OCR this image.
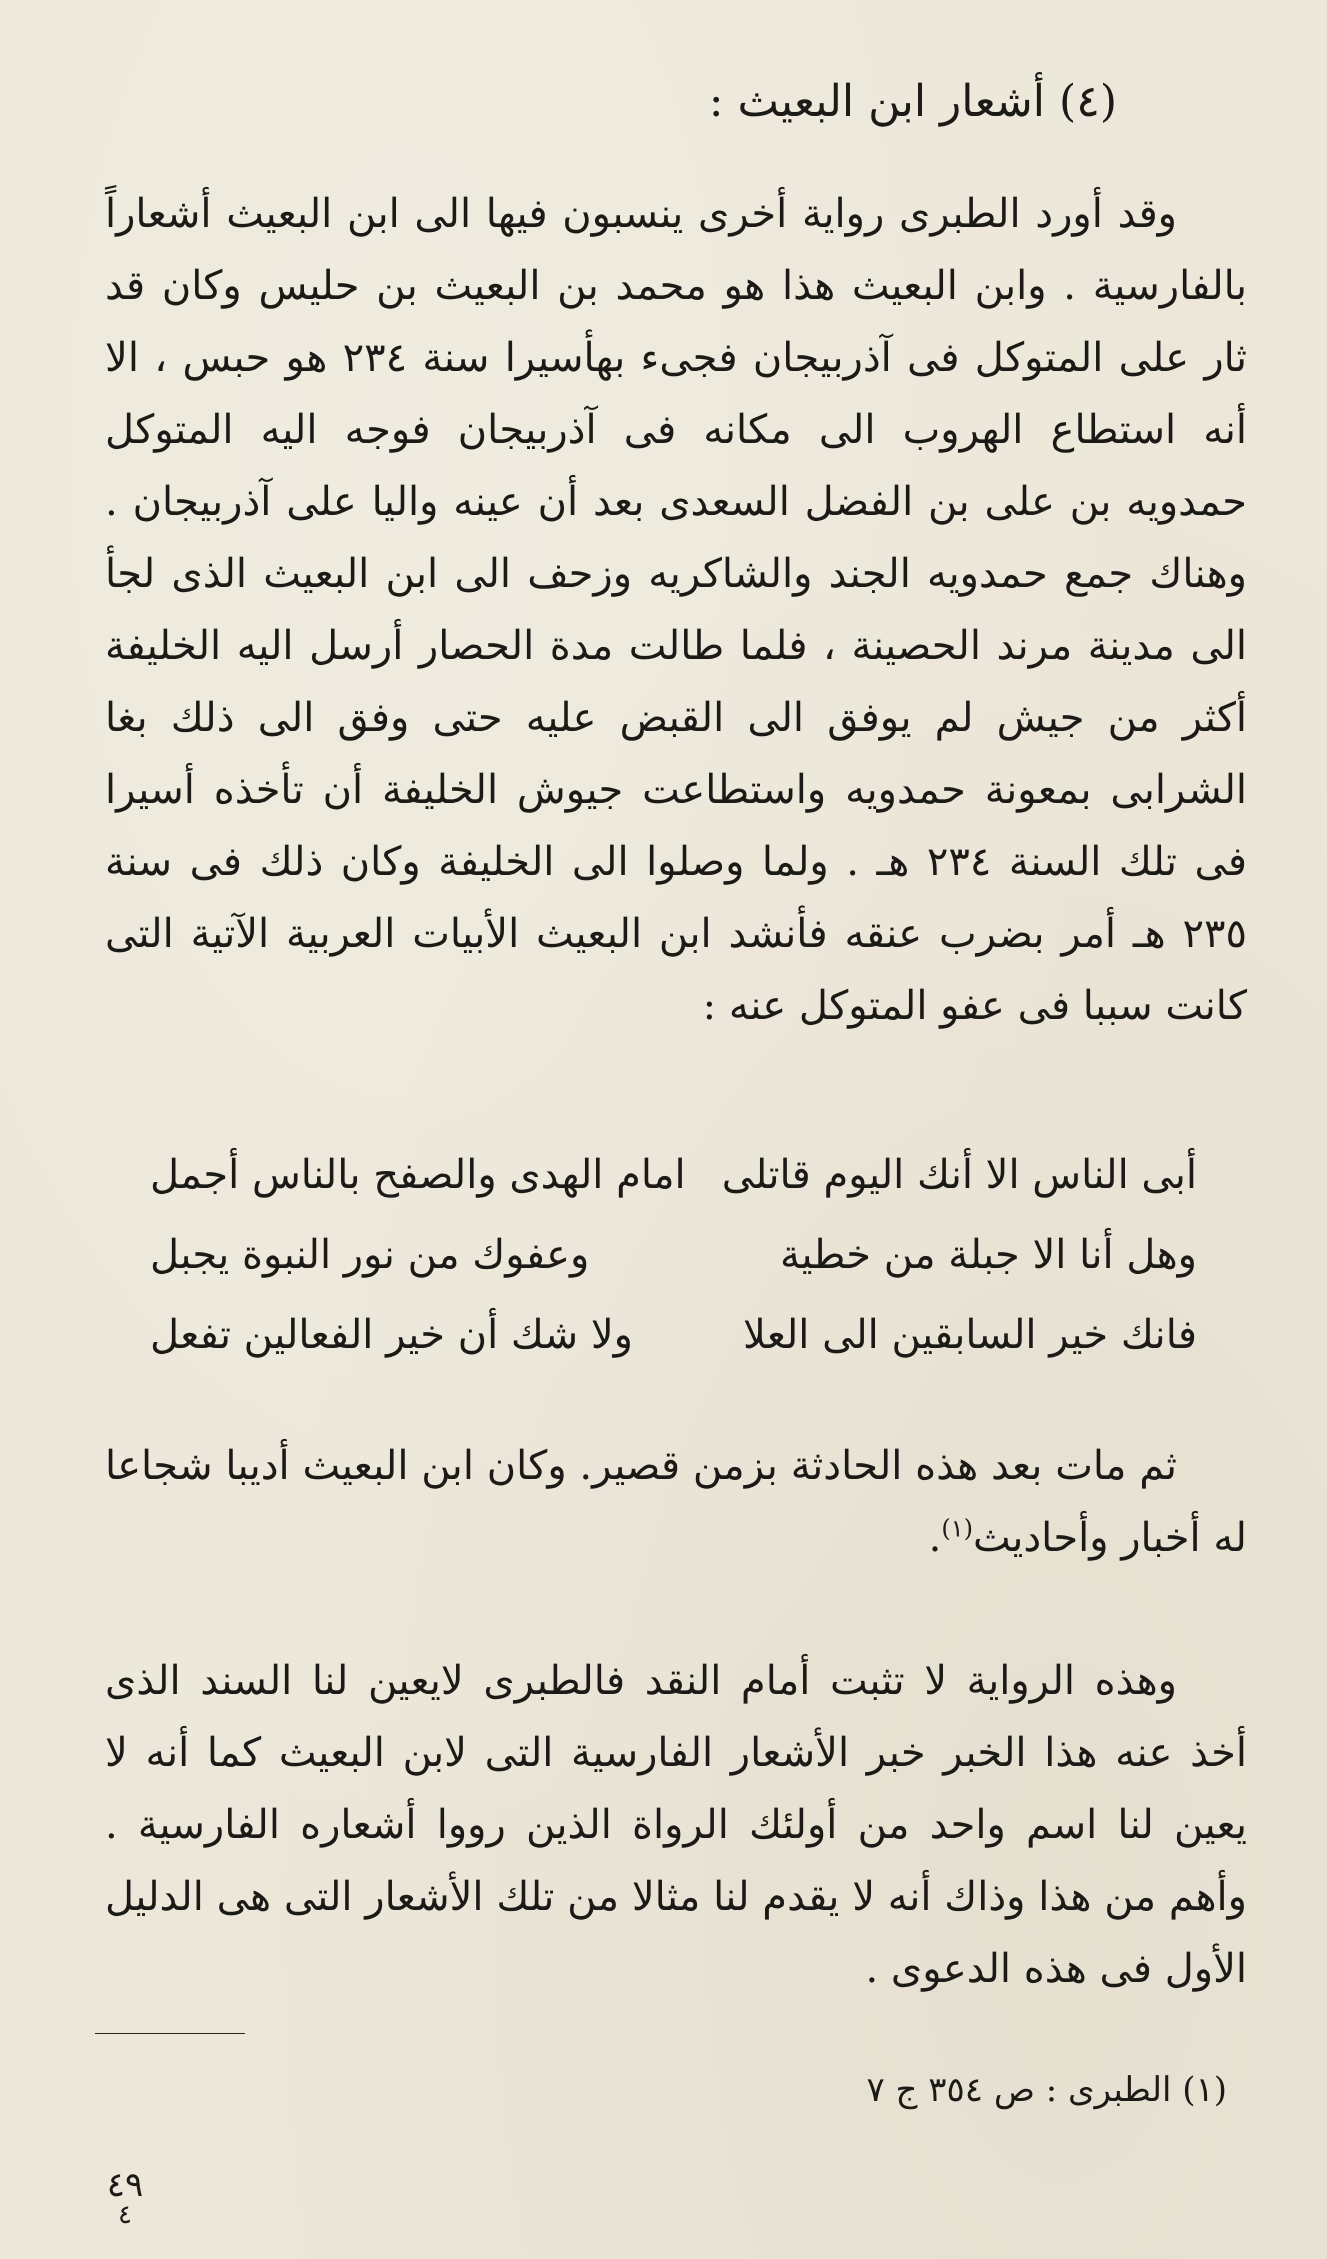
(٤) أشعار ابن البعيث :
وقد أورد الطبرى رواية أخرى ينسبون فيها الى ابن البعيث أشعاراً بالفارسية . وابن البعيث هذا هو محمد بن البعيث بن حليس وكان قد ثار على المتوكل فى آذربيجان فجىء بهأسيرا سنة ٢٣٤ هو حبس ، الا أنه استطاع الهروب الى مكانه فى آذربيجان فوجه اليه المتوكل حمدويه بن على بن الفضل السعدى بعد أن عينه واليا على آذربيجان . وهناك جمع حمدويه الجند والشاكريه وزحف الى ابن البعيث الذى لجأ الى مدينة مرند الحصينة ، فلما طالت مدة الحصار أرسل اليه الخليفة أكثر من جيش لم يوفق الى القبض عليه حتى وفق الى ذلك بغا الشرابى بمعونة حمدويه واستطاعت جيوش الخليفة أن تأخذه أسيرا فى تلك السنة ٢٣٤ هـ . ولما وصلوا الى الخليفة وكان ذلك فى سنة ٢٣٥ هـ أمر بضرب عنقه فأنشد ابن البعيث الأبيات العربية الآتية التى كانت سببا فى عفو المتوكل عنه :
أبى الناس الا أنك اليوم قاتلى
امام الهدى والصفح بالناس أجمل
وهل أنا الا جبلة من خطية
وعفوك من نور النبوة يجبل
فانك خير السابقين الى العلا
ولا شك أن خير الفعالين تفعل
ثم مات بعد هذه الحادثة بزمن قصير. وكان ابن البعيث أديبا شجاعا له أخبار وأحاديث$^{(١)}$.
وهذه الرواية لا تثبت أمام النقد فالطبرى لايعين لنا السند الذى أخذ عنه هذا الخبر خبر الأشعار الفارسية التى لابن البعيث كما أنه لا يعين لنا اسم واحد من أولئك الرواة الذين رووا أشعاره الفارسية . وأهم من هذا وذاك أنه لا يقدم لنا مثالا من تلك الأشعار التى هى الدليل الأول فى هذه الدعوى .
(١) الطبرى : ص ٣٥٤ ج ٧
٤٩
٤
